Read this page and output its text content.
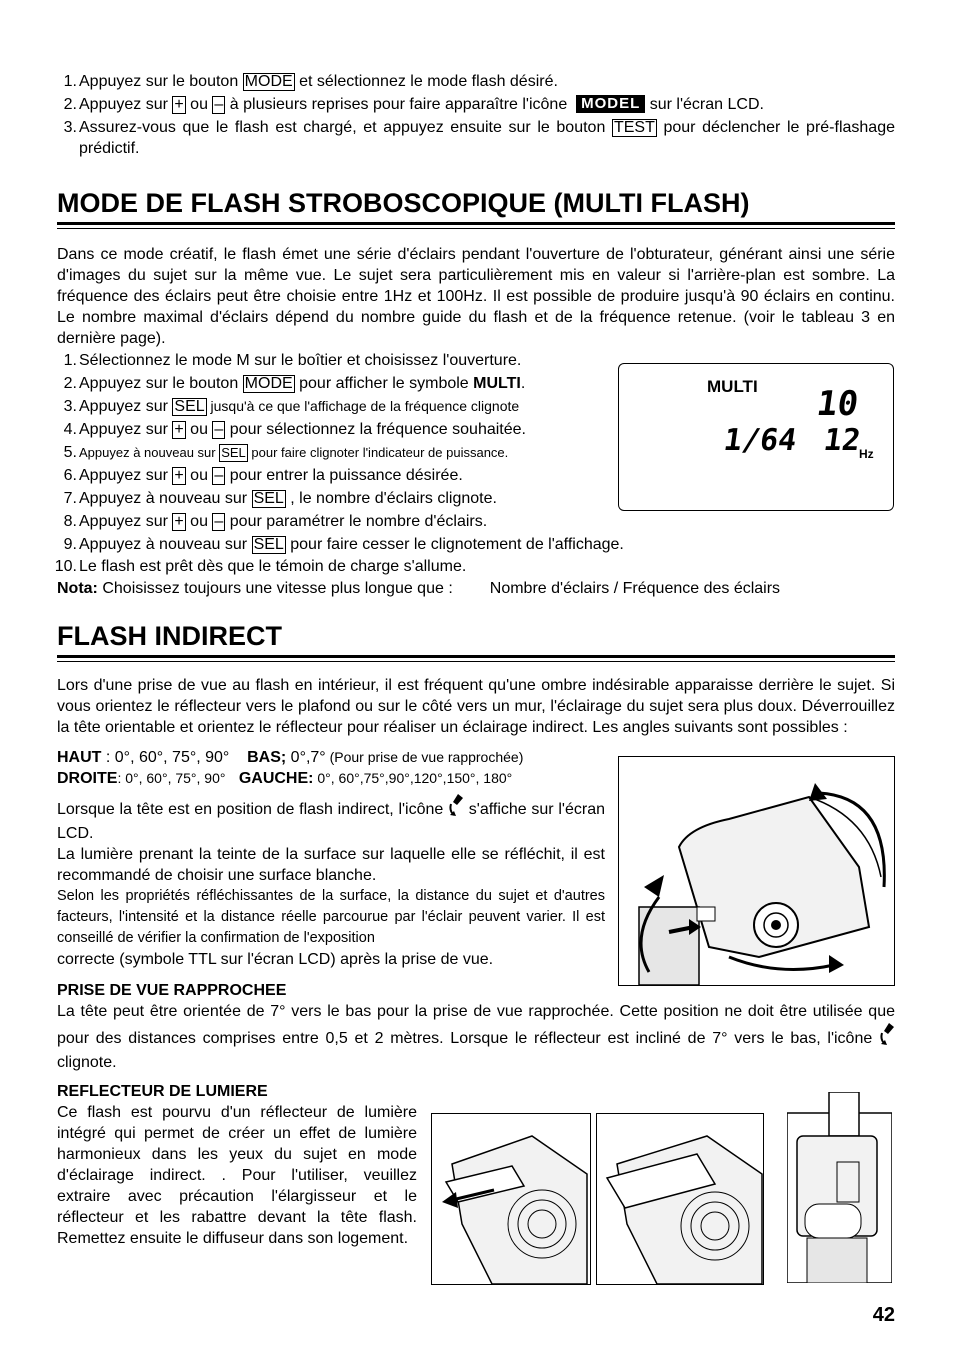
1. Appuyez sur le bouton MODE et sélectionnez le mode flash désiré.
2. Appuyez sur + ou – à plusieurs reprises pour faire apparaître l'icône  MODEL sur l'écran LCD.
3. Assurez-vous que le flash est chargé, et appuyez ensuite sur le bouton TEST pour déclencher le pré-flashage prédictif.
MODE DE FLASH STROBOSCOPIQUE (MULTI FLASH)

Dans ce mode créatif, le flash émet une série d'éclairs pendant l'ouverture de l'obturateur, générant ainsi une série d'images du sujet sur la même vue. Le sujet sera particulièrement mis en valeur si l'arrière-plan est sombre. La fréquence des éclairs peut être choisie entre 1Hz et 100Hz. Il est possible de produire jusqu'à 90 éclairs en continu. Le nombre maximal d'éclairs dépend du nombre guide du flash et de la fréquence retenue. (voir le tableau 3 en dernière page).

1. Sélectionnez le mode M sur le boîtier et choisissez l'ouverture.
2. Appuyez sur le bouton MODE pour afficher le symbole MULTI.
3. Appuyez sur SEL jusqu'à ce que l'affichage de la fréquence clignote
4. Appuyez sur + ou – pour sélectionnez la fréquence souhaitée.
5. Appuyez à nouveau sur SEL pour faire clignoter l'indicateur de puissance.
6. Appuyez sur + ou – pour entrer la puissance désirée.
7. Appuyez à nouveau sur SEL , le nombre d'éclairs clignote.
8. Appuyez sur + ou – pour paramétrer le nombre d'éclairs.
9. Appuyez à nouveau sur SEL pour faire cesser le clignotement de l'affichage.
10. Le flash est prêt dès que le témoin de charge s'allume.
Nota: Choisissez toujours une vitesse plus longue que : Nombre d'éclairs / Fréquence des éclairs
FLASH INDIRECT

Lors d'une prise de vue au flash en intérieur, il est fréquent qu'une ombre indésirable apparaisse derrière le sujet. Si vous orientez le réflecteur vers le plafond ou sur le côté vers un mur, l'éclairage du sujet sera plus doux. Déverrouillez la tête orientable et orientez le réflecteur pour réaliser un éclairage indirect. Les angles suivants sont possibles :

HAUT : 0°, 60°, 75°, 90° BAS; 0°,7° (Pour prise de vue rapprochée)
DROITE: 0°, 60°, 75°, 90° GAUCHE: 0°, 60°,75°,90°,120°,150°, 180°
Lorsque la tête est en position de flash indirect, l'icône  s'affiche sur l'écran LCD.
La lumière prenant la teinte de la surface sur laquelle elle se réfléchit, il est recommandé de choisir une surface blanche.
Selon les propriétés réfléchissantes de la surface, la distance du sujet et d'autres facteurs, l'intensité et la distance réelle parcourue par l'éclair peuvent varier. Il est conseillé de vérifier la confirmation de l'exposition
correcte (symbole TTL sur l'écran LCD) après la prise de vue.
PRISE DE VUE RAPPROCHEE

La tête peut être orientée de 7° vers le bas pour la prise de vue rapprochée. Cette position ne doit être utilisée que pour des distances comprises entre 0,5 et 2 mètres. Lorsque le réflecteur est incliné de 7° vers le bas, l'icône  clignote.

REFLECTEUR DE LUMIERE

Ce flash est pourvu d'un réflecteur de lumière intégré qui permet de créer un effet de lumière harmonieux dans les yeux du sujet en mode d'éclairage indirect. . Pour l'utiliser, veuillez extraire avec précaution l'élargisseur et le réflecteur et les rabattre devant la tête flash. Remettez ensuite le diffuseur dans son logement.

MULTI 10
1/64 12
Hz
42
